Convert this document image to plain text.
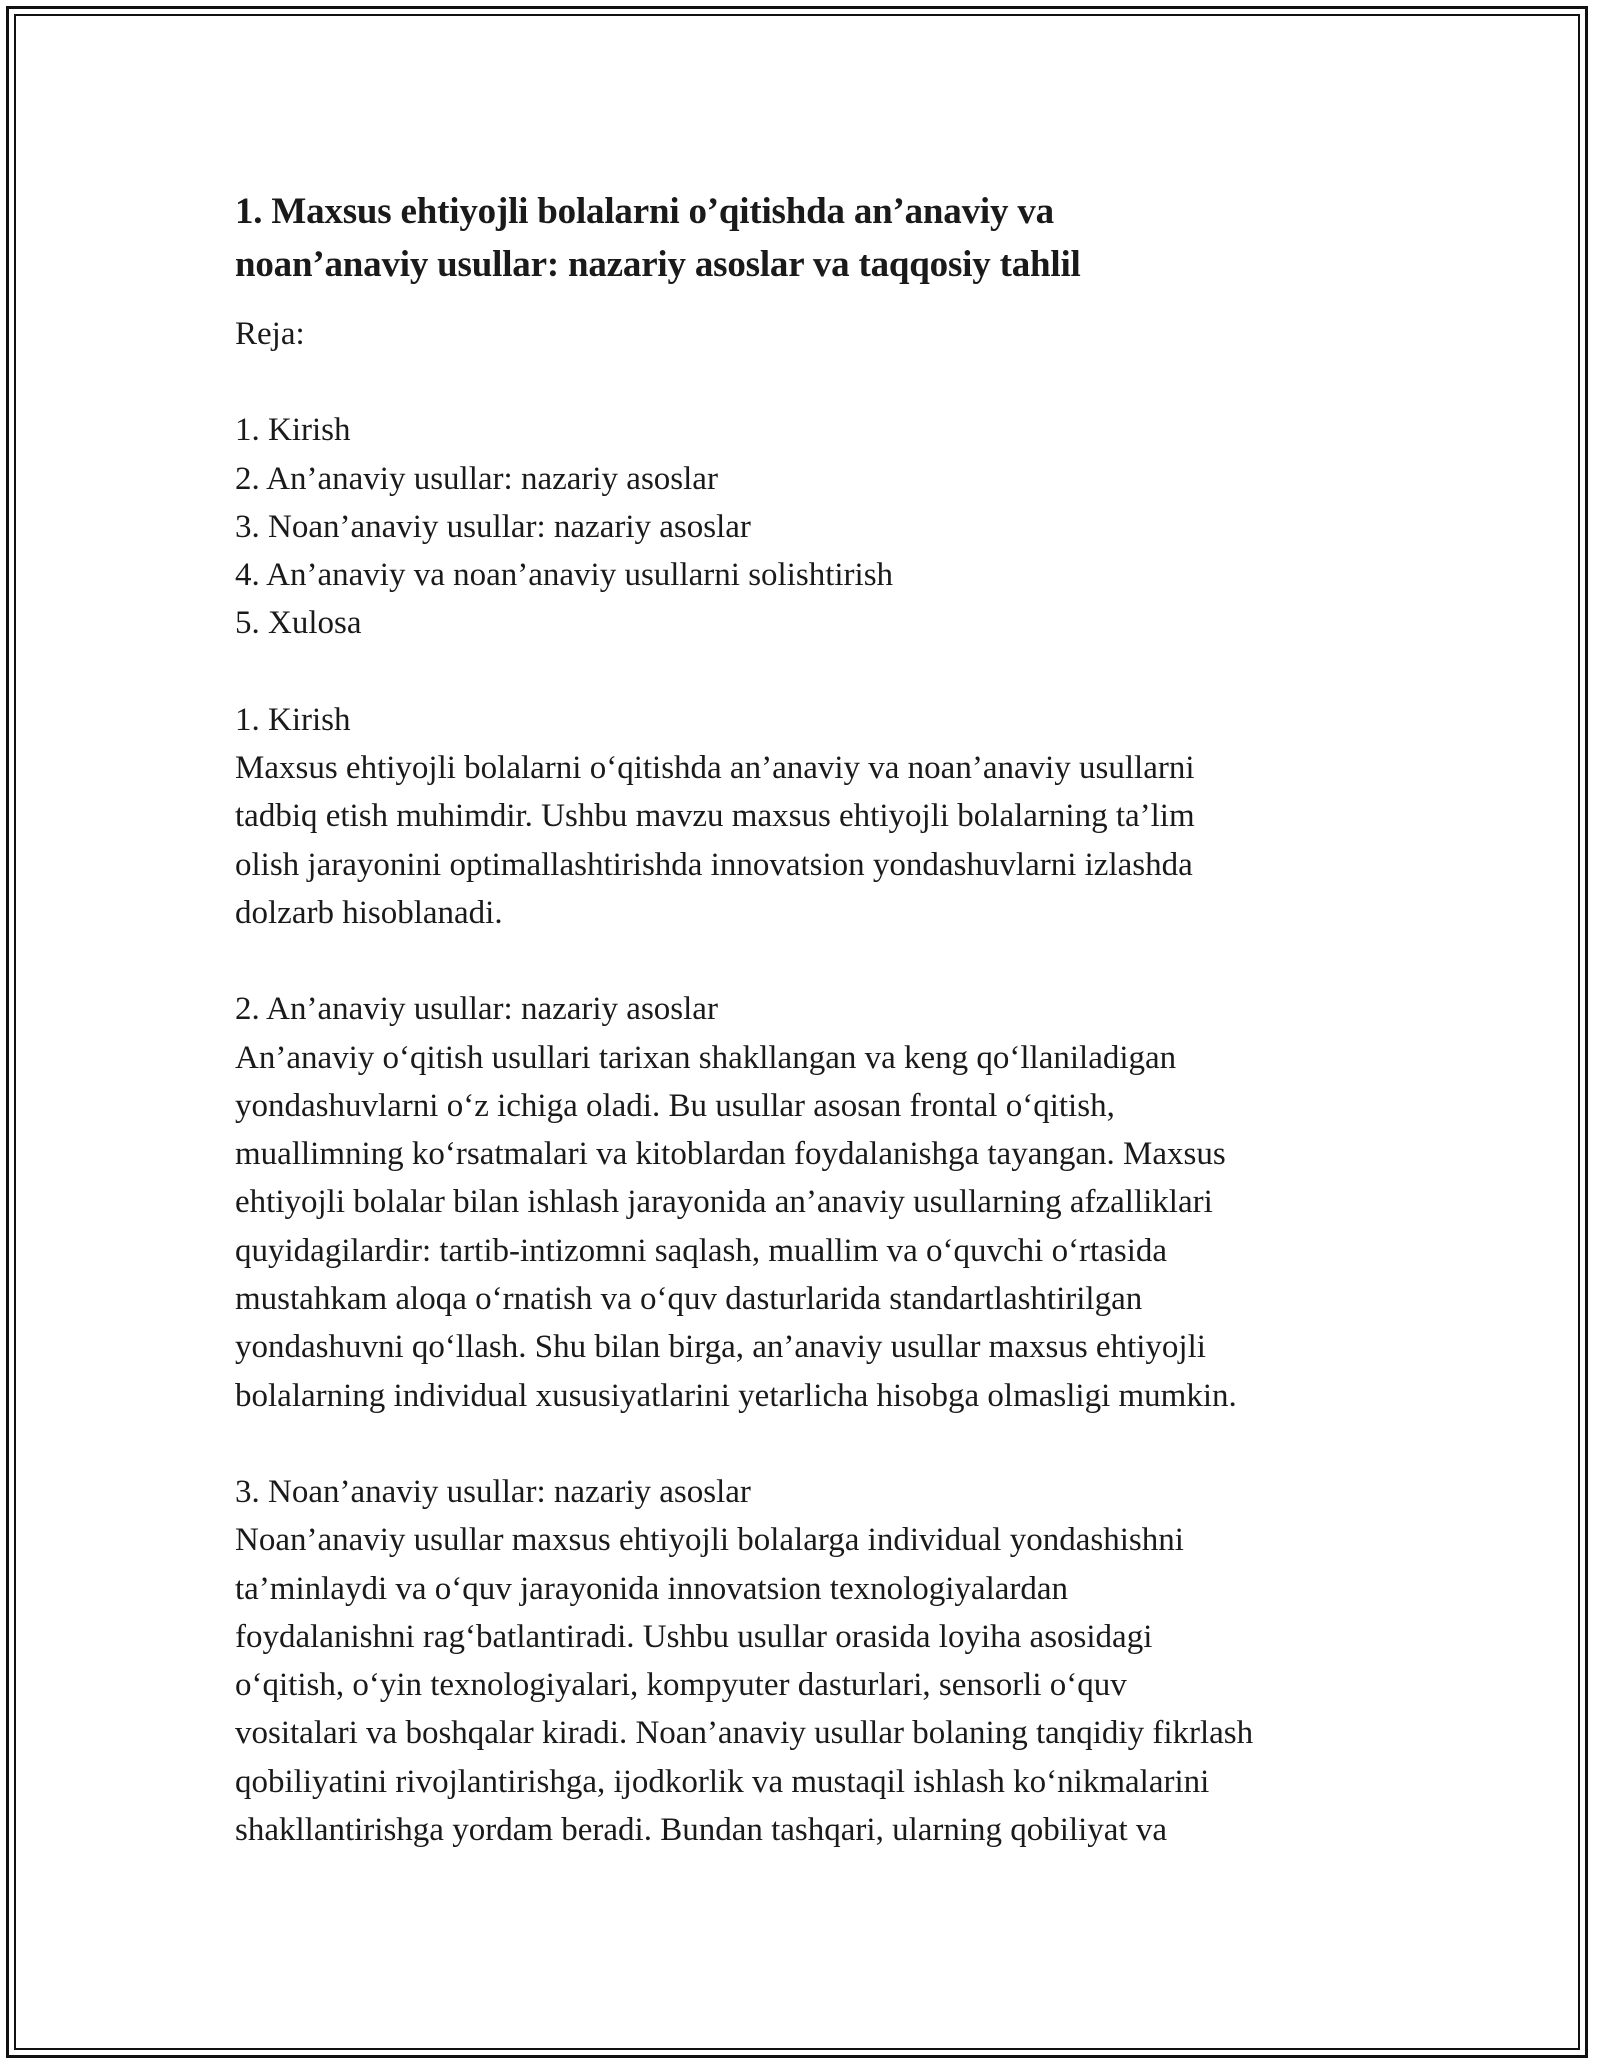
1. Maxsus ehtiyojli bolalarni o’qitishda an’anaviy va
noan’anaviy usullar: nazariy asoslar va taqqosiy tahlil

Reja:

1. Kirish
2. An’anaviy usullar: nazariy asoslar
3. Noan’anaviy usullar: nazariy asoslar
4. An’anaviy va noan’anaviy usullarni solishtirish
5. Xulosa

1. Kirish

Maxsus ehtiyojli bolalarni o‘qitishda an’anaviy va noan’anaviy usullarni
tadbiq etish muhimdir. Ushbu mavzu maxsus ehtiyojli bolalarning ta’lim
olish jarayonini optimallashtirishda innovatsion yondashuvlarni izlashda
dolzarb hisoblanadi.

2. An’anaviy usullar: nazariy asoslar

An’anaviy o‘qitish usullari tarixan shakllangan va keng qo‘llaniladigan
yondashuvlarni o‘z ichiga oladi. Bu usullar asosan frontal o‘qitish,
muallimning ko‘rsatmalari va kitoblardan foydalanishga tayangan. Maxsus
ehtiyojli bolalar bilan ishlash jarayonida an’anaviy usullarning afzalliklari
quyidagilardir: tartib-intizomni saqlash, muallim va o‘quvchi o‘rtasida
mustahkam aloqa o‘rnatish va o‘quv dasturlarida standartlashtirilgan
yondashuvni qo‘llash. Shu bilan birga, an’anaviy usullar maxsus ehtiyojli
bolalarning individual xususiyatlarini yetarlicha hisobga olmasligi mumkin.

3. Noan’anaviy usullar: nazariy asoslar

Noan’anaviy usullar maxsus ehtiyojli bolalarga individual yondashishni
ta’minlaydi va o‘quv jarayonida innovatsion texnologiyalardan
foydalanishni rag‘batlantiradi. Ushbu usullar orasida loyiha asosidagi
o‘qitish, o‘yin texnologiyalari, kompyuter dasturlari, sensorli o‘quv
vositalari va boshqalar kiradi. Noan’anaviy usullar bolaning tanqidiy fikrlash
qobiliyatini rivojlantirishga, ijodkorlik va mustaqil ishlash ko‘nikmalarini
shakllantirishga yordam beradi. Bundan tashqari, ularning qobiliyat va
